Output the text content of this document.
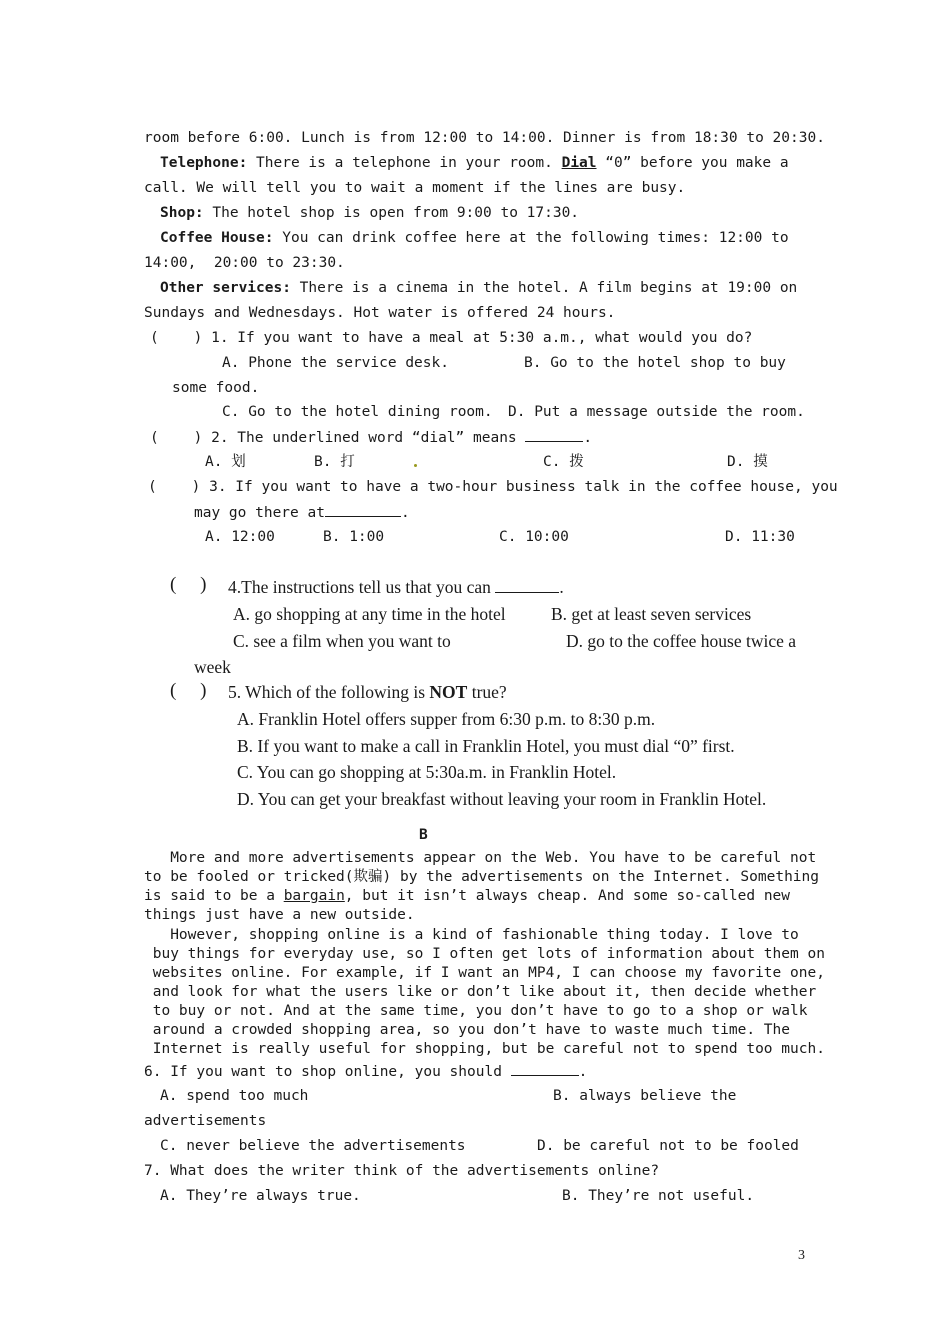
room before 6:00. Lunch is from 12:00 to 14:00. Dinner is from 18:30 to 20:30.
Telephone: There is a telephone in your room. Dial “0” before you make a
call. We will tell you to wait a moment if the lines are busy.
Shop: The hotel shop is open from 9:00 to 17:30.
Coffee House: You can drink coffee here at the following times: 12:00 to
14:00,  20:00 to 23:30.
Other services: There is a cinema in the hotel. A film begins at 19:00 on
Sundays and Wednesdays. Hot water is offered 24 hours.
(    ) 1. If you want to have a meal at 5:30 a.m., what would you do?
A. Phone the service desk.	B. Go to the hotel shop to buy
some food.
C. Go to the hotel dining room. D. Put a message outside the room.
(    ) 2. The underlined word “dial” means	.
A. 划	B. 打	C. 拨	D. 摸
(    ) 3. If you want to have a two-hour business talk in the coffee house, you
may go there at	.
A. 12:00	B. 1:00	C. 10:00	D. 11:30
(     ) 4.The instructions tell us that you can	.
A. go shopping at any time in the hotel	B. get at least seven services
C. see a film when you want to	D. go to the coffee house twice a
week
(     ) 5. Which of the following is NOT true?
A. Franklin Hotel offers supper from 6:30 p.m. to 8:30 p.m.
B. If you want to make a call in Franklin Hotel, you must dial “0” first.
C. You can go shopping at 5:30a.m. in Franklin Hotel.
D. You can get your breakfast without leaving your room in Franklin Hotel.
B
More and more advertisements appear on the Web. You have to be careful not
to be fooled or tricked(欺骗) by the advertisements on the Internet. Something
is said to be a bargain, but it isn’t always cheap. And some so-called new
things just have a new outside.
However, shopping online is a kind of fashionable thing today. I love to
buy things for everyday use, so I often get lots of information about them on
websites online. For example, if I want an MP4, I can choose my favorite one,
and look for what the users like or don’t like about it, then decide whether
to buy or not. And at the same time, you don’t have to go to a shop or walk
around a crowded shopping area, so you don’t have to waste much time. The
Internet is really useful for shopping, but be careful not to spend too much.
6. If you want to shop online, you should	.
A. spend too much	B. always believe the
advertisements
C. never believe the advertisements	D. be careful not to be fooled
7. What does the writer think of the advertisements online?
A. They’re always true.	B. They’re not useful.
3
